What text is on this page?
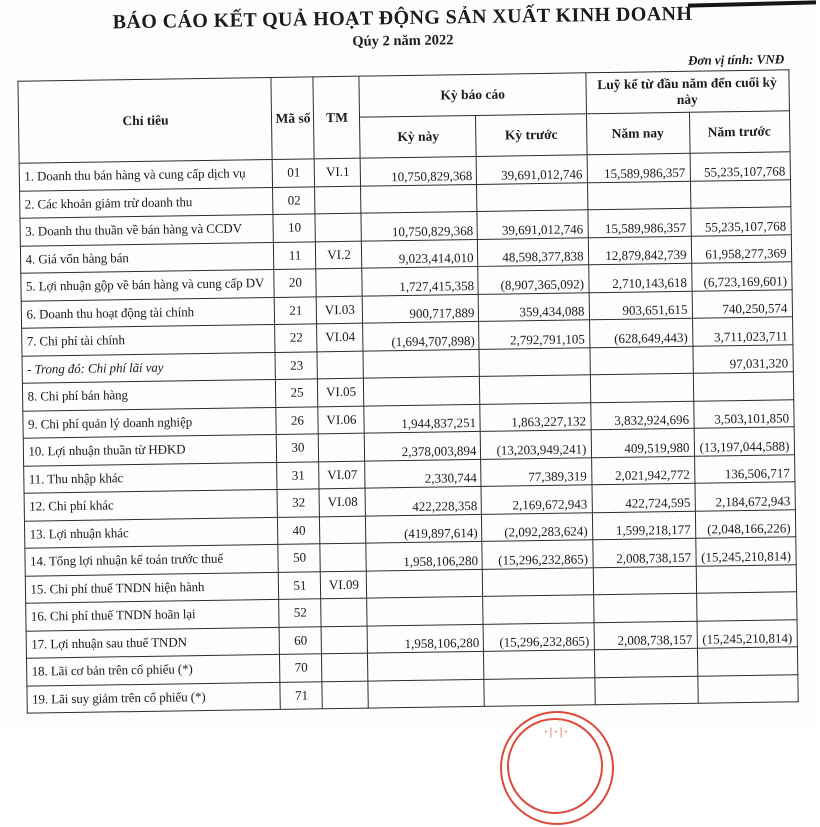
BÁO CÁO KẾT QUẢ HOẠT ĐỘNG SẢN XUẤT KINH DOANH
Qúy 2 năm 2022
Đơn vị tính: VNĐ
Chỉ tiêu	Mã số	TM	Kỳ báo cáo		Luỹ kế từ đầu năm đến cuối kỳ này	
			Kỳ này	Kỳ trước	Năm nay	Năm trước
1. Doanh thu bán hàng và cung cấp dịch vụ	01	VI.1	10,750,829,368	39,691,012,746	15,589,986,357	55,235,107,768
2. Các khoản giảm trừ doanh thu	02					
3. Doanh thu thuần về bán hàng và CCDV	10		10,750,829,368	39,691,012,746	15,589,986,357	55,235,107,768
4. Giá vốn hàng bán	11	VI.2	9,023,414,010	48,598,377,838	12,879,842,739	61,958,277,369
5. Lợi nhuận gộp về bán hàng và cung cấp DV	20		1,727,415,358	(8,907,365,092)	2,710,143,618	(6,723,169,601)
6. Doanh thu hoạt động tài chính	21	VI.03	900,717,889	359,434,088	903,651,615	740,250,574
7. Chi phí tài chính	22	VI.04	(1,694,707,898)	2,792,791,105	(628,649,443)	3,711,023,711
- Trong đó: Chi phí lãi vay	23					97,031,320
8. Chi phí bán hàng	25	VI.05				
9. Chi phí quản lý doanh nghiệp	26	VI.06	1,944,837,251	1,863,227,132	3,832,924,696	3,503,101,850
10. Lợi nhuận thuần từ HĐKD	30		2,378,003,894	(13,203,949,241)	409,519,980	(13,197,044,588)
11. Thu nhập khác	31	VI.07	2,330,744	77,389,319	2,021,942,772	136,506,717
12. Chi phí khác	32	VI.08	422,228,358	2,169,672,943	422,724,595	2,184,672,943
13. Lợi nhuận khác	40		(419,897,614)	(2,092,283,624)	1,599,218,177	(2,048,166,226)
14. Tổng lợi nhuận kế toán trước thuế	50		1,958,106,280	(15,296,232,865)	2,008,738,157	(15,245,210,814)
15. Chi phí thuế TNDN hiện hành	51	VI.09				
16. Chi phí thuế TNDN hoãn lại	52					
17. Lợi nhuận sau thuế TNDN	60		1,958,106,280	(15,296,232,865)	2,008,738,157	(15,245,210,814)
18. Lãi cơ bản trên cổ phiếu (*)	70					
19. Lãi suy giảm trên cổ phiếu (*)	71					
·|·|·
